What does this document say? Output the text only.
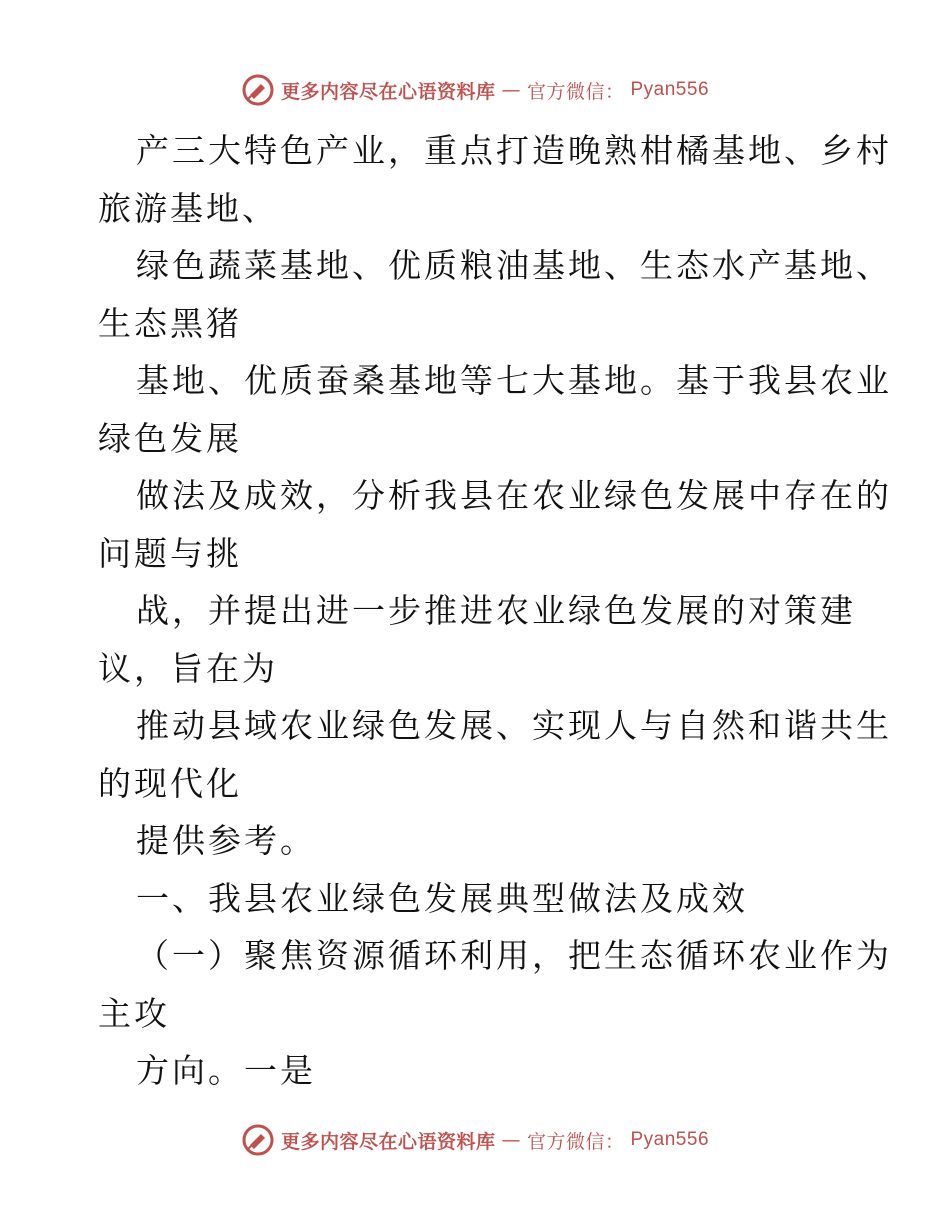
更多内容尽在心语资料库 — 官方微信： Pyan556
产三大特色产业，重点打造晚熟柑橘基地、乡村
旅游基地、
绿色蔬菜基地、优质粮油基地、生态水产基地、
生态黑猪
基地、优质蚕桑基地等七大基地。基于我县农业
绿色发展
做法及成效，分析我县在农业绿色发展中存在的
问题与挑
战，并提出进一步推进农业绿色发展的对策建
议，旨在为
推动县域农业绿色发展、实现人与自然和谐共生
的现代化
提供参考。
一、我县农业绿色发展典型做法及成效
（一）聚焦资源循环利用，把生态循环农业作为
主攻
方向。一是
更多内容尽在心语资料库 — 官方微信： Pyan556
